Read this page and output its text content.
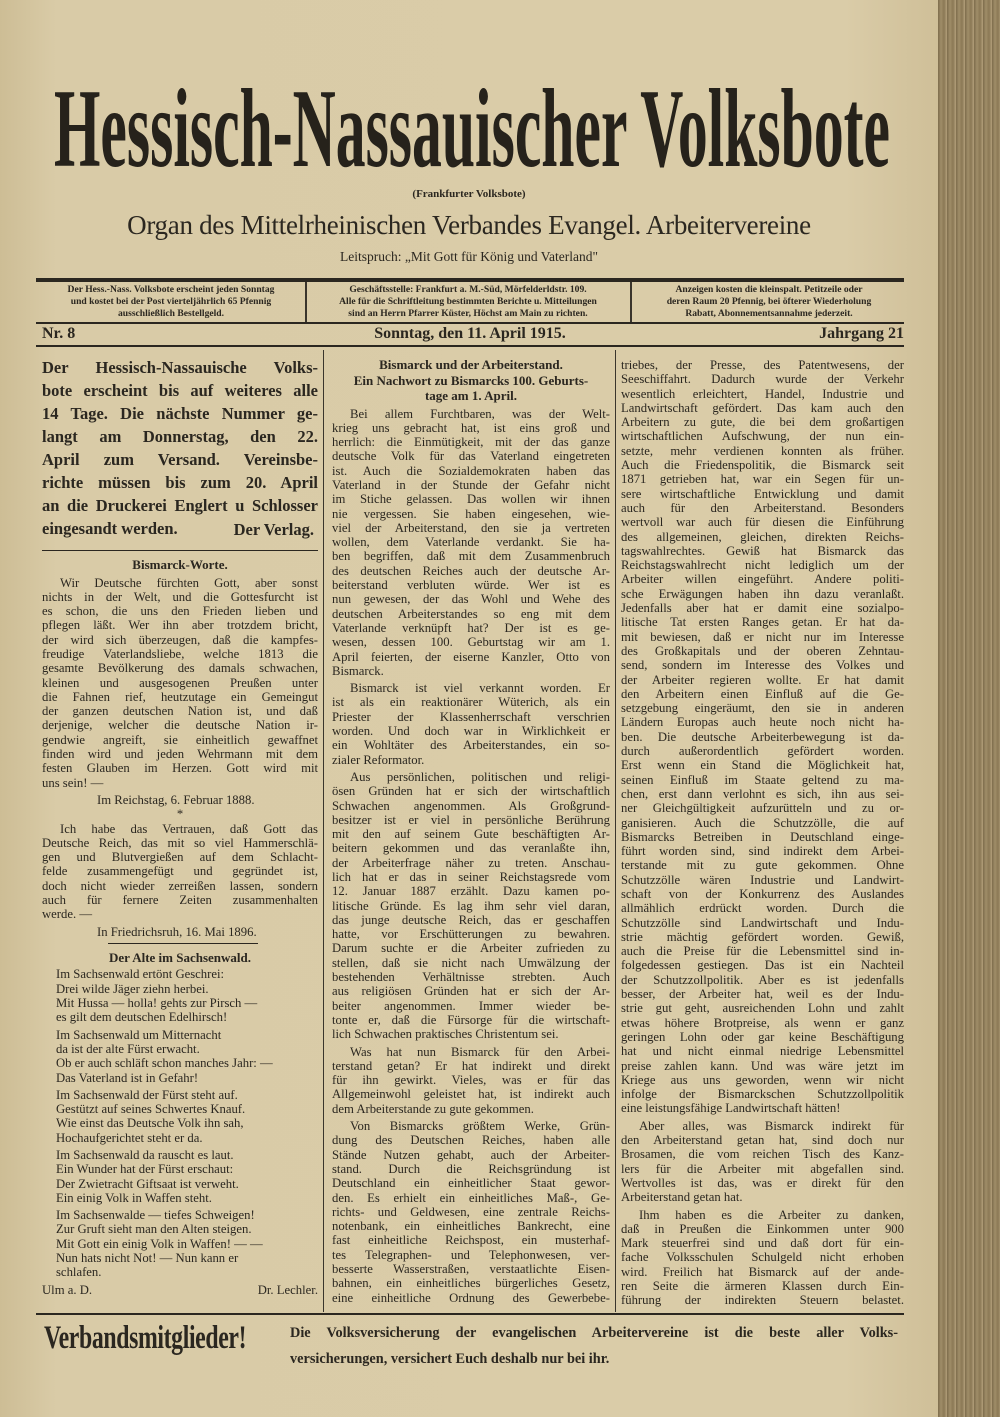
Hessisch-Nassauischer Volksbote
(Frankfurter Volksbote)
Organ des Mittelrheinischen Verbandes Evangel. Arbeitervereine
Leitspruch: „Mit Gott für König und Vaterland"
Der Hess.-Nass. Volksbote erscheint jeden Sonntag
und kostet bei der Post vierteljährlich 65 Pfennig
ausschließlich Bestellgeld.
Geschäftsstelle: Frankfurt a. M.-Süd, Mörfelderldstr. 109.
Alle für die Schriftleitung bestimmten Berichte u. Mitteilungen
sind an Herrn Pfarrer Küster, Höchst am Main zu richten.
Anzeigen kosten die kleinspalt. Petitzeile oder
deren Raum 20 Pfennig, bei öfterer Wiederholung
Rabatt, Abonnementsannahme jederzeit.
Nr. 8	Sonntag, den 11. April 1915.	Jahrgang 21
Der Hessisch-Nassauische Volks-
bote erscheint bis auf weiteres alle
14 Tage. Die nächste Nummer ge-
langt am Donnerstag, den 22.
April zum Versand. Vereinsbe-
richte müssen bis zum 20. April
an die Druckerei Englert u Schlosser
eingesandt werden.	Der Verlag.
Bismarck-Worte.
Wir Deutsche fürchten Gott, aber sonst
nichts in der Welt, und die Gottesfurcht ist
es schon, die uns den Frieden lieben und
pflegen läßt. Wer ihn aber trotzdem bricht,
der wird sich überzeugen, daß die kampfes-
freudige Vaterlandsliebe, welche 1813 die
gesamte Bevölkerung des damals schwachen,
kleinen und ausgesogenen Preußen unter
die Fahnen rief, heutzutage ein Gemeingut
der ganzen deutschen Nation ist, und daß
derjenige, welcher die deutsche Nation ir-
gendwie angreift, sie einheitlich gewaffnet
finden wird und jeden Wehrmann mit dem
festen Glauben im Herzen. Gott wird mit
uns sein! —
Im Reichstag, 6. Februar 1888.
*
Ich habe das Vertrauen, daß Gott das
Deutsche Reich, das mit so viel Hammerschlä-
gen und Blutvergießen auf dem Schlacht-
felde zusammengefügt und gegründet ist,
doch nicht wieder zerreißen lassen, sondern
auch für fernere Zeiten zusammenhalten
werde. —
In Friedrichsruh, 16. Mai 1896.
Der Alte im Sachsenwald.
Im Sachsenwald ertönt Geschrei:
Drei wilde Jäger ziehn herbei.
Mit Hussa — holla! gehts zur Pirsch —
es gilt dem deutschen Edelhirsch!
Im Sachsenwald um Mitternacht
da ist der alte Fürst erwacht.
Ob er auch schläft schon manches Jahr: —
Das Vaterland ist in Gefahr!
Im Sachsenwald der Fürst steht auf.
Gestützt auf seines Schwertes Knauf.
Wie einst das Deutsche Volk ihn sah,
Hochaufgerichtet steht er da.
Im Sachsenwald da rauscht es laut.
Ein Wunder hat der Fürst erschaut:
Der Zwietracht Giftsaat ist verweht.
Ein einig Volk in Waffen steht.
Im Sachsenwalde — tiefes Schweigen!
Zur Gruft sieht man den Alten steigen.
Mit Gott ein einig Volk in Waffen! — —
Nun hats nicht Not! — Nun kann er
schlafen.
Ulm a. D.	Dr. Lechler.
Bismarck und der Arbeiterstand.
Ein Nachwort zu Bismarcks 100. Geburts-
tage am 1. April.
Bei allem Furchtbaren, was der Welt-
krieg uns gebracht hat, ist eins groß und
herrlich: die Einmütigkeit, mit der das ganze
deutsche Volk für das Vaterland eingetreten
ist. Auch die Sozialdemokraten haben das
Vaterland in der Stunde der Gefahr nicht
im Stiche gelassen. Das wollen wir ihnen
nie vergessen. Sie haben eingesehen, wie-
viel der Arbeiterstand, den sie ja vertreten
wollen, dem Vaterlande verdankt. Sie ha-
ben begriffen, daß mit dem Zusammenbruch
des deutschen Reiches auch der deutsche Ar-
beiterstand verbluten würde. Wer ist es
nun gewesen, der das Wohl und Wehe des
deutschen Arbeiterstandes so eng mit dem
Vaterlande verknüpft hat? Der ist es ge-
wesen, dessen 100. Geburtstag wir am 1.
April feierten, der eiserne Kanzler, Otto von
Bismarck.
Bismarck ist viel verkannt worden. Er
ist als ein reaktionärer Wüterich, als ein
Priester der Klassenherrschaft verschrien
worden. Und doch war in Wirklichkeit er
ein Wohltäter des Arbeiterstandes, ein so-
zialer Reformator.
Aus persönlichen, politischen und religi-
ösen Gründen hat er sich der wirtschaftlich
Schwachen angenommen. Als Großgrund-
besitzer ist er viel in persönliche Berührung
mit den auf seinem Gute beschäftigten Ar-
beitern gekommen und das veranlaßte ihn,
der Arbeiterfrage näher zu treten. Anschau-
lich hat er das in seiner Reichstagsrede vom
12. Januar 1887 erzählt. Dazu kamen po-
litische Gründe. Es lag ihm sehr viel daran,
das junge deutsche Reich, das er geschaffen
hatte, vor Erschütterungen zu bewahren.
Darum suchte er die Arbeiter zufrieden zu
stellen, daß sie nicht nach Umwälzung der
bestehenden Verhältnisse strebten. Auch
aus religiösen Gründen hat er sich der Ar-
beiter angenommen. Immer wieder be-
tonte er, daß die Fürsorge für die wirtschaft-
lich Schwachen praktisches Christentum sei.
Was hat nun Bismarck für den Arbei-
terstand getan? Er hat indirekt und direkt
für ihn gewirkt. Vieles, was er für das
Allgemeinwohl geleistet hat, ist indirekt auch
dem Arbeiterstande zu gute gekommen.
Von Bismarcks größtem Werke, Grün-
dung des Deutschen Reiches, haben alle
Stände Nutzen gehabt, auch der Arbeiter-
stand. Durch die Reichsgründung ist
Deutschland ein einheitlicher Staat gewor-
den. Es erhielt ein einheitliches Maß-, Ge-
richts- und Geldwesen, eine zentrale Reichs-
notenbank, ein einheitliches Bankrecht, eine
fast einheitliche Reichspost, ein musterhaf-
tes Telegraphen- und Telephonwesen, ver-
besserte Wasserstraßen, verstaatlichte Eisen-
bahnen, ein einheitliches bürgerliches Gesetz,
eine einheitliche Ordnung des Gewerbebe-
triebes, der Presse, des Patentwesens, der
Seeschiffahrt. Dadurch wurde der Verkehr
wesentlich erleichtert, Handel, Industrie und
Landwirtschaft gefördert. Das kam auch den
Arbeitern zu gute, die bei dem großartigen
wirtschaftlichen Aufschwung, der nun ein-
setzte, mehr verdienen konnten als früher.
Auch die Friedenspolitik, die Bismarck seit
1871 getrieben hat, war ein Segen für un-
sere wirtschaftliche Entwicklung und damit
auch für den Arbeiterstand. Besonders
wertvoll war auch für diesen die Einführung
des allgemeinen, gleichen, direkten Reichs-
tagswahlrechtes. Gewiß hat Bismarck das
Reichstagswahlrecht nicht lediglich um der
Arbeiter willen eingeführt. Andere politi-
sche Erwägungen haben ihn dazu veranlaßt.
Jedenfalls aber hat er damit eine sozialpo-
litische Tat ersten Ranges getan. Er hat da-
mit bewiesen, daß er nicht nur im Interesse
des Großkapitals und der oberen Zehntau-
send, sondern im Interesse des Volkes und
der Arbeiter regieren wollte. Er hat damit
den Arbeitern einen Einfluß auf die Ge-
setzgebung eingeräumt, den sie in anderen
Ländern Europas auch heute noch nicht ha-
ben. Die deutsche Arbeiterbewegung ist da-
durch außerordentlich gefördert worden.
Erst wenn ein Stand die Möglichkeit hat,
seinen Einfluß im Staate geltend zu ma-
chen, erst dann verlohnt es sich, ihn aus sei-
ner Gleichgültigkeit aufzurütteln und zu or-
ganisieren. Auch die Schutzzölle, die auf
Bismarcks Betreiben in Deutschland einge-
führt worden sind, sind indirekt dem Arbei-
terstande mit zu gute gekommen. Ohne
Schutzzölle wären Industrie und Landwirt-
schaft von der Konkurrenz des Auslandes
allmählich erdrückt worden. Durch die
Schutzzölle sind Landwirtschaft und Indu-
strie mächtig gefördert worden. Gewiß,
auch die Preise für die Lebensmittel sind in-
folgedessen gestiegen. Das ist ein Nachteil
der Schutzzollpolitik. Aber es ist jedenfalls
besser, der Arbeiter hat, weil es der Indu-
strie gut geht, ausreichenden Lohn und zahlt
etwas höhere Brotpreise, als wenn er ganz
geringen Lohn oder gar keine Beschäftigung
hat und nicht einmal niedrige Lebensmittel
preise zahlen kann. Und was wäre jetzt im
Kriege aus uns geworden, wenn wir nicht
infolge der Bismarckschen Schutzzollpolitik
eine leistungsfähige Landwirtschaft hätten!
Aber alles, was Bismarck indirekt für
den Arbeiterstand getan hat, sind doch nur
Brosamen, die vom reichen Tisch des Kanz-
lers für die Arbeiter mit abgefallen sind.
Wertvolles ist das, was er direkt für den
Arbeiterstand getan hat.
Ihm haben es die Arbeiter zu danken,
daß in Preußen die Einkommen unter 900
Mark steuerfrei sind und daß dort für ein-
fache Volksschulen Schulgeld nicht erhoben
wird. Freilich hat Bismarck auf der ande-
ren Seite die ärmeren Klassen durch Ein-
führung der indirekten Steuern belastet.
Verbandsmitglieder!	Die Volksversicherung der evangelischen Arbeitervereine ist die beste aller Volks-
versicherungen, versichert Euch deshalb nur bei ihr.
